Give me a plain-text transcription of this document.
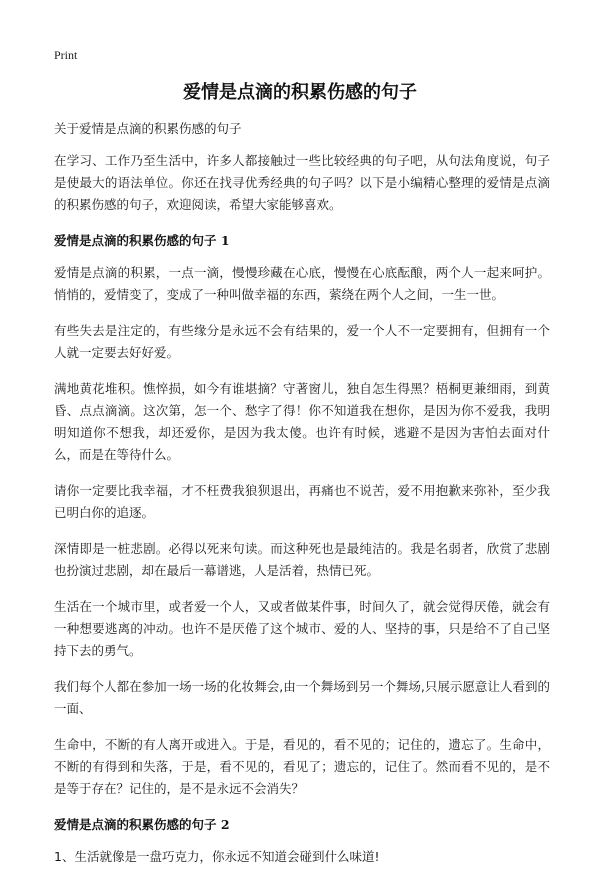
Print
爱情是点滴的积累伤感的句子

关于爱情是点滴的积累伤感的句子

在学习、工作乃至生活中，许多人都接触过一些比较经典的句子吧，从句法角度说，句子是使最大的语法单位。你还在找寻优秀经典的句子吗？以下是小编精心整理的爱情是点滴的积累伤感的句子，欢迎阅读，希望大家能够喜欢。

爱情是点滴的积累伤感的句子 1

爱情是点滴的积累，一点一滴，慢慢珍藏在心底，慢慢在心底酝酿，两个人一起来呵护。悄悄的，爱情变了，变成了一种叫做幸福的东西，萦绕在两个人之间，一生一世。

有些失去是注定的，有些缘分是永远不会有结果的，爱一个人不一定要拥有，但拥有一个人就一定要去好好爱。

满地黄花堆积。憔悴损，如今有谁堪摘？守著窗儿，独自怎生得黑？梧桐更兼细雨，到黄昏、点点滴滴。这次第，怎一个、愁字了得！你不知道我在想你，是因为你不爱我，我明明知道你不想我，却还爱你，是因为我太傻。也许有时候，逃避不是因为害怕去面对什么，而是在等待什么。

请你一定要比我幸福，才不枉费我狼狈退出，再痛也不说苦，爱不用抱歉来弥补，至少我已明白你的追逐。

深情即是一桩悲剧。必得以死来句读。而这种死也是最纯洁的。我是名弱者，欣赏了悲剧也扮演过悲剧，却在最后一幕谱逃，人是活着，热情已死。

生活在一个城市里，或者爱一个人，又或者做某件事，时间久了，就会觉得厌倦，就会有一种想要逃离的冲动。也许不是厌倦了这个城市、爱的人、坚持的事，只是给不了自己坚持下去的勇气。

我们每个人都在参加一场一场的化妆舞会,由一个舞场到另一个舞场,只展示愿意让人看到的一面、

生命中，不断的有人离开或进入。于是，看见的，看不见的；记住的，遗忘了。生命中，不断的有得到和失落，于是，看不见的，看见了；遗忘的，记住了。然而看不见的，是不是等于存在？记住的，是不是永远不会消失？

爱情是点滴的积累伤感的句子 2

1、生活就像是一盘巧克力，你永远不知道会碰到什么味道!
